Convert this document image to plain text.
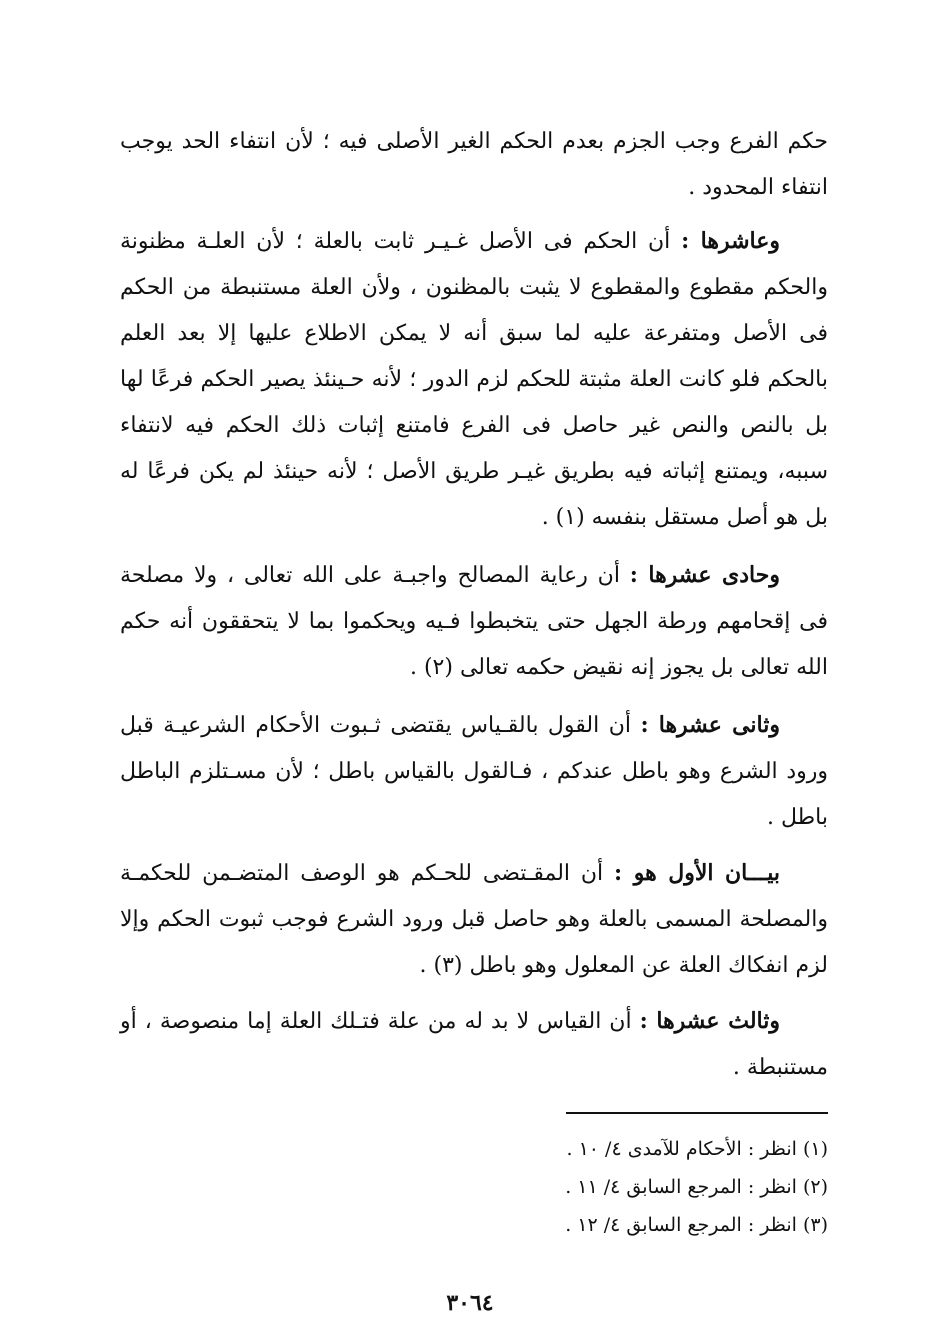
حكم الفرع وجب الجزم بعدم الحكم الغير الأصلى فيه ؛ لأن انتفاء الحد يوجب انتفاء المحدود .

وعاشرها : أن الحكم فى الأصل غـيـر ثابت بالعلة ؛ لأن العلـة مظنونة والحكم مقطوع والمقطوع لا يثبت بالمظنون ، ولأن العلة مستنبطة من الحكم فى الأصل ومتفرعة عليه لما سبق أنه لا يمكن الاطلاع عليها إلا بعد العلم بالحكم فلو كانت العلة مثبتة للحكم لزم الدور ؛ لأنه حـينئذ يصير الحكم فرعًا لها بل بالنص والنص غير حاصل فى الفرع فامتنع إثبات ذلك الحكم فيه لانتفاء سببه، ويمتنع إثباته فيه بطريق غيـر طريق الأصل ؛ لأنه حينئذ لم يكن فرعًا له بل هو أصل مستقل بنفسه (١) .

وحادى عشرها : أن رعاية المصالح واجبـة على الله تعالى ، ولا مصلحة فى إقحامهم ورطة الجهل حتى يتخبطوا فـيه ويحكموا بما لا يتحققون أنه حكم الله تعالى بل يجوز إنه نقيض حكمه تعالى (٢) .

وثانى عشرها : أن القول بالقـياس يقتضى ثـبوت الأحكام الشرعيـة قبل ورود الشرع وهو باطل عندكم ، فـالقول بالقياس باطل ؛ لأن مسـتلزم الباطل باطل .

بيـــان الأول هو : أن المقـتضى للحـكم هو الوصف المتضـمن للحكمـة والمصلحة المسمى بالعلة وهو حاصل قبل ورود الشرع فوجب ثبوت الحكم وإلا لزم انفكاك العلة عن المعلول وهو باطل (٣) .

وثالث عشرها : أن القياس لا بد له من علة فتـلك العلة إما منصوصة ، أو مستنبطة .

(١) انظر : الأحكام للآمدى ٤/ ١٠ .

(٢) انظر : المرجع السابق ٤/ ١١ .

(٣) انظر : المرجع السابق ٤/ ١٢ .

٣٠٦٤
